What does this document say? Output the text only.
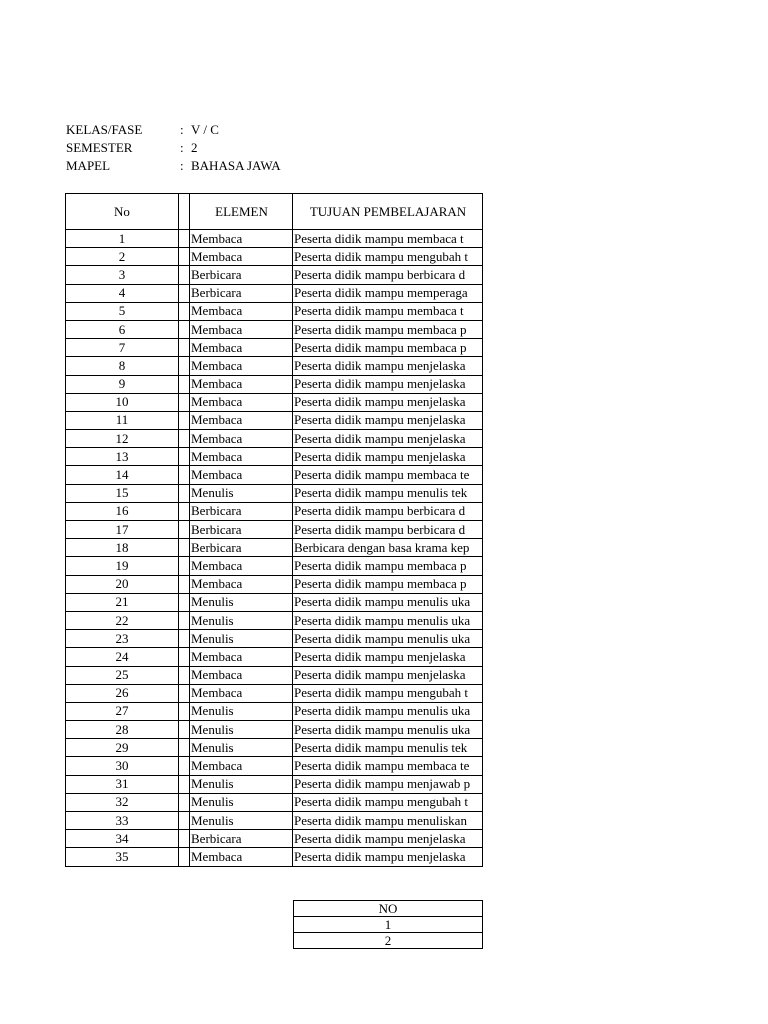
KELAS/FASE	: V / C
SEMESTER	: 2
MAPEL	: BAHASA JAWA
No		ELEMEN	TUJUAN PEMBELAJARAN
1		Membaca	Peserta didik mampu membaca t

2		Membaca	Peserta didik mampu mengubah t

3		Berbicara	Peserta didik mampu berbicara d

4		Berbicara	Peserta didik mampu memperaga

5		Membaca	Peserta didik mampu membaca t

6		Membaca	Peserta didik mampu membaca p

7		Membaca	Peserta didik mampu membaca p

8		Membaca	Peserta didik mampu menjelaska

9		Membaca	Peserta didik mampu menjelaska

10		Membaca	Peserta didik mampu menjelaska

11		Membaca	Peserta didik mampu menjelaska

12		Membaca	Peserta didik mampu menjelaska

13		Membaca	Peserta didik mampu menjelaska

14		Membaca	Peserta didik mampu membaca te

15		Menulis	Peserta didik mampu menulis tek

16		Berbicara	Peserta didik mampu berbicara d

17		Berbicara	Peserta didik mampu berbicara d

18		Berbicara	Berbicara dengan basa krama kep

19		Membaca	Peserta didik mampu membaca p

20		Membaca	Peserta didik mampu membaca p

21		Menulis	Peserta didik mampu menulis uka

22		Menulis	Peserta didik mampu menulis uka

23		Menulis	Peserta didik mampu menulis uka

24		Membaca	Peserta didik mampu menjelaska

25		Membaca	Peserta didik mampu menjelaska

26		Membaca	Peserta didik mampu mengubah t

27		Menulis	Peserta didik mampu menulis uka

28		Menulis	Peserta didik mampu menulis uka

29		Menulis	Peserta didik mampu menulis tek

30		Membaca	Peserta didik mampu membaca te

31		Menulis	Peserta didik mampu menjawab p

32		Menulis	Peserta didik mampu mengubah t

33		Menulis	Peserta didik mampu menuliskan

34		Berbicara	Peserta didik mampu menjelaska

35		Membaca	Peserta didik mampu menjelaska
NO
1
2
